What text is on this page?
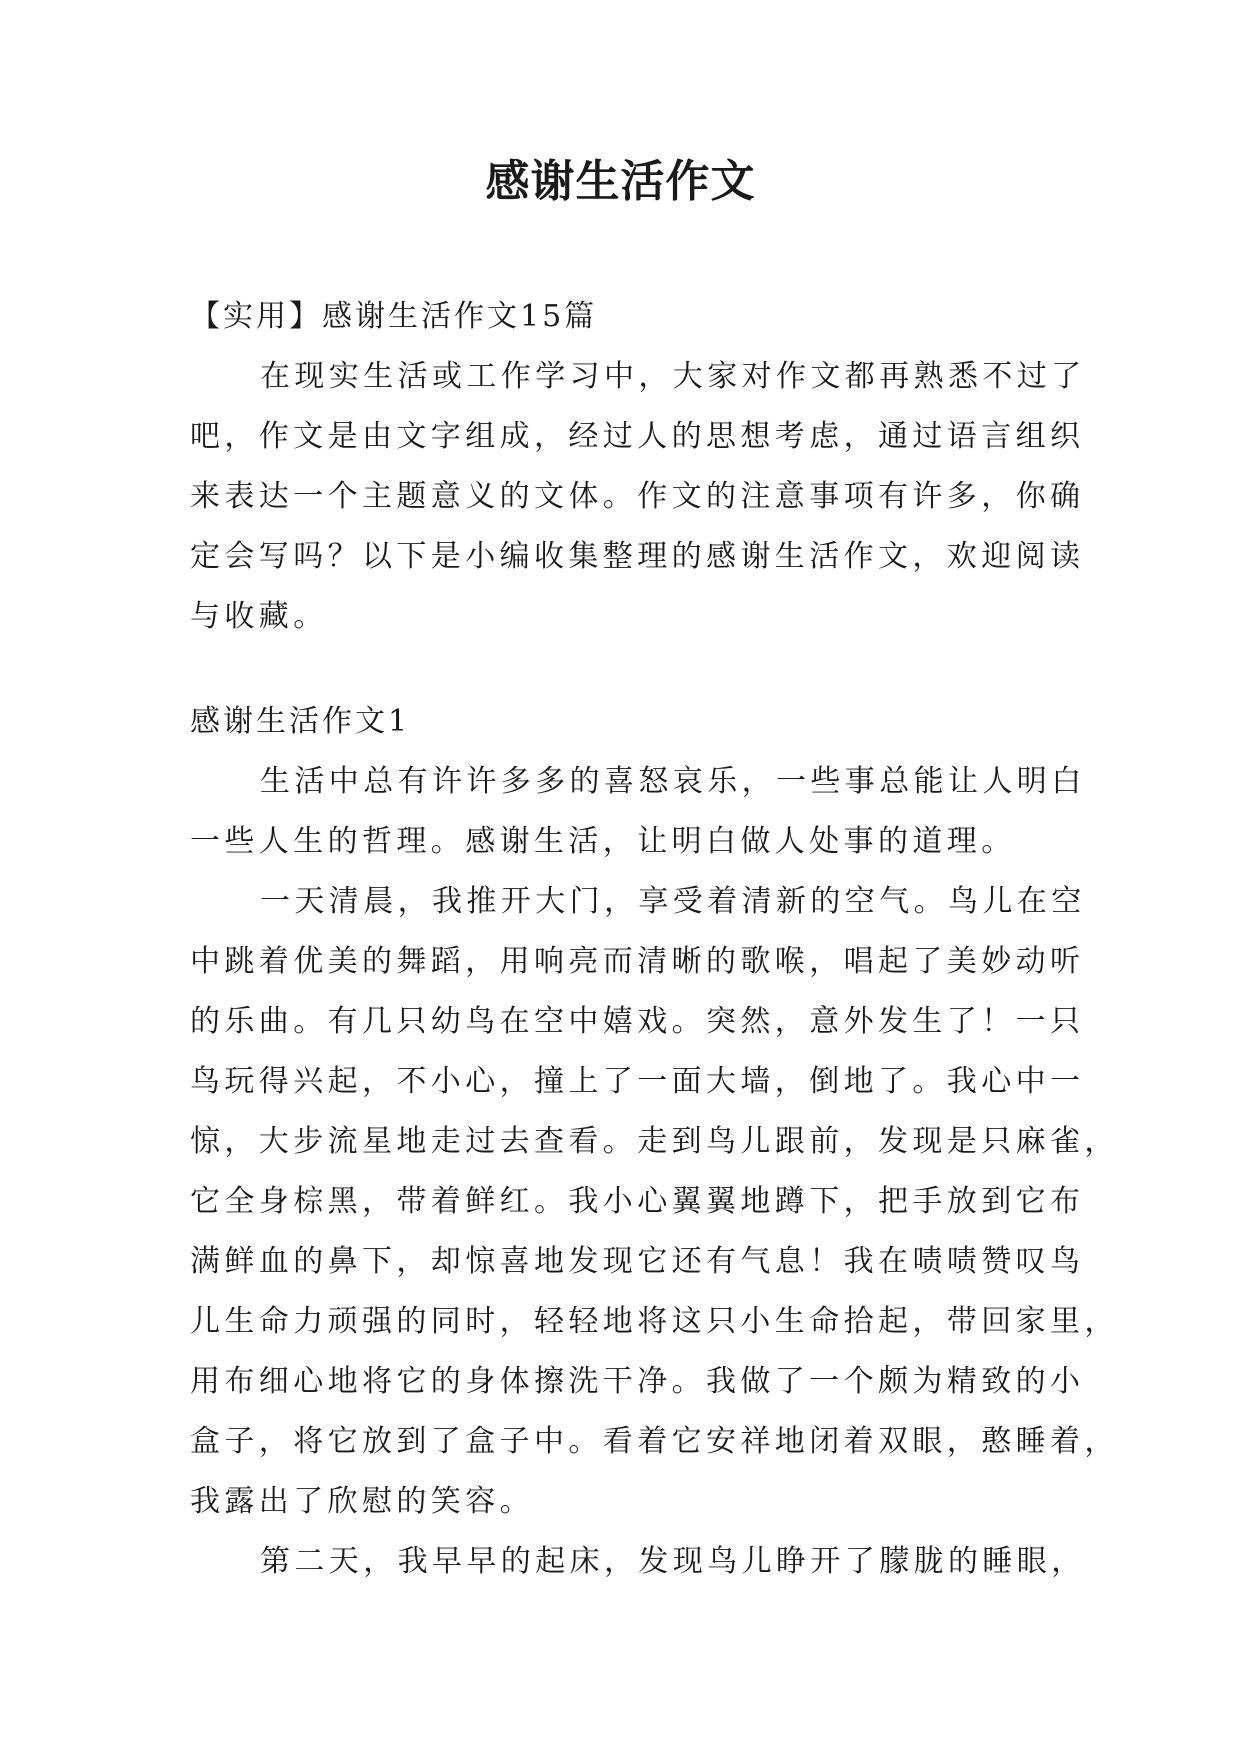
感谢生活作文

【实用】感谢生活作文15篇

在现实生活或工作学习中，大家对作文都再熟悉不过了

吧，作文是由文字组成，经过人的思想考虑，通过语言组织

来表达一个主题意义的文体。作文的注意事项有许多，你确

定会写吗？以下是小编收集整理的感谢生活作文，欢迎阅读

与收藏。

感谢生活作文1

生活中总有许许多多的喜怒哀乐，一些事总能让人明白

一些人生的哲理。感谢生活，让明白做人处事的道理。

一天清晨，我推开大门，享受着清新的空气。鸟儿在空

中跳着优美的舞蹈，用响亮而清晰的歌喉，唱起了美妙动听

的乐曲。有几只幼鸟在空中嬉戏。突然，意外发生了！一只

鸟玩得兴起，不小心，撞上了一面大墙，倒地了。我心中一

惊，大步流星地走过去查看。走到鸟儿跟前，发现是只麻雀，

它全身棕黑，带着鲜红。我小心翼翼地蹲下，把手放到它布

满鲜血的鼻下，却惊喜地发现它还有气息！我在啧啧赞叹鸟

儿生命力顽强的同时，轻轻地将这只小生命拾起，带回家里，

用布细心地将它的身体擦洗干净。我做了一个颇为精致的小

盒子，将它放到了盒子中。看着它安祥地闭着双眼，憨睡着，

我露出了欣慰的笑容。

第二天，我早早的起床，发现鸟儿睁开了朦胧的睡眼，
